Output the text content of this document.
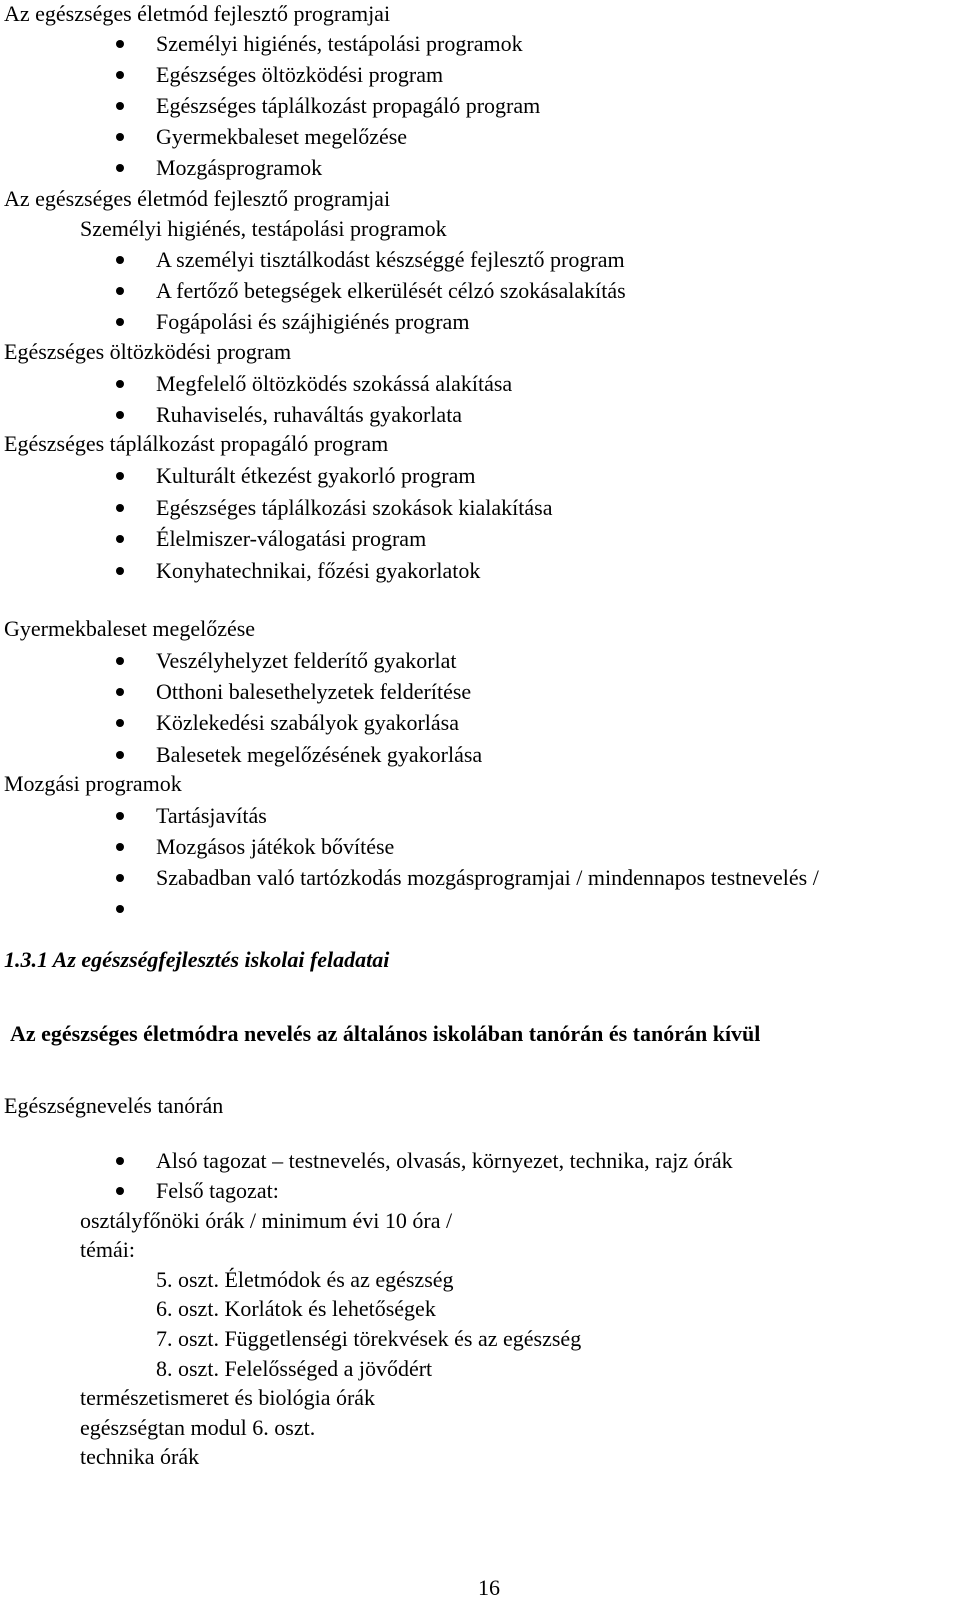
Az egészséges életmód fejlesztő programjai
Személyi higiénés, testápolási programok
Egészséges öltözködési program
Egészséges táplálkozást propagáló program
Gyermekbaleset megelőzése
Mozgásprogramok
Az egészséges életmód fejlesztő programjai
Személyi higiénés, testápolási programok
A személyi tisztálkodást készséggé fejlesztő program
A fertőző betegségek elkerülését célzó szokásalakítás
Fogápolási és szájhigiénés program
Egészséges öltözködési program
Megfelelő öltözködés szokássá alakítása
Ruhaviselés, ruhaváltás gyakorlata
Egészséges táplálkozást propagáló program
Kulturált étkezést gyakorló program
Egészséges táplálkozási szokások kialakítása
Élelmiszer-válogatási program
Konyhatechnikai, főzési gyakorlatok
Gyermekbaleset megelőzése
Veszélyhelyzet felderítő gyakorlat
Otthoni balesethelyzetek felderítése
Közlekedési szabályok gyakorlása
Balesetek megelőzésének gyakorlása
Mozgási programok
Tartásjavítás
Mozgásos játékok bővítése
Szabadban való tartózkodás mozgásprogramjai / mindennapos testnevelés /
1.3.1 Az egészségfejlesztés iskolai feladatai
Az egészséges életmódra nevelés az általános iskolában tanórán és tanórán kívül
Egészségnevelés tanórán
Alsó tagozat – testnevelés, olvasás, környezet, technika, rajz órák
Felső tagozat:
osztályfőnöki órák / minimum évi 10 óra /
témái:
5. oszt. Életmódok és az egészség
6. oszt. Korlátok és lehetőségek
7. oszt. Függetlenségi törekvések és az egészség
8. oszt. Felelősséged a jövődért
természetismeret és biológia órák
egészségtan modul 6. oszt.
technika órák
16
